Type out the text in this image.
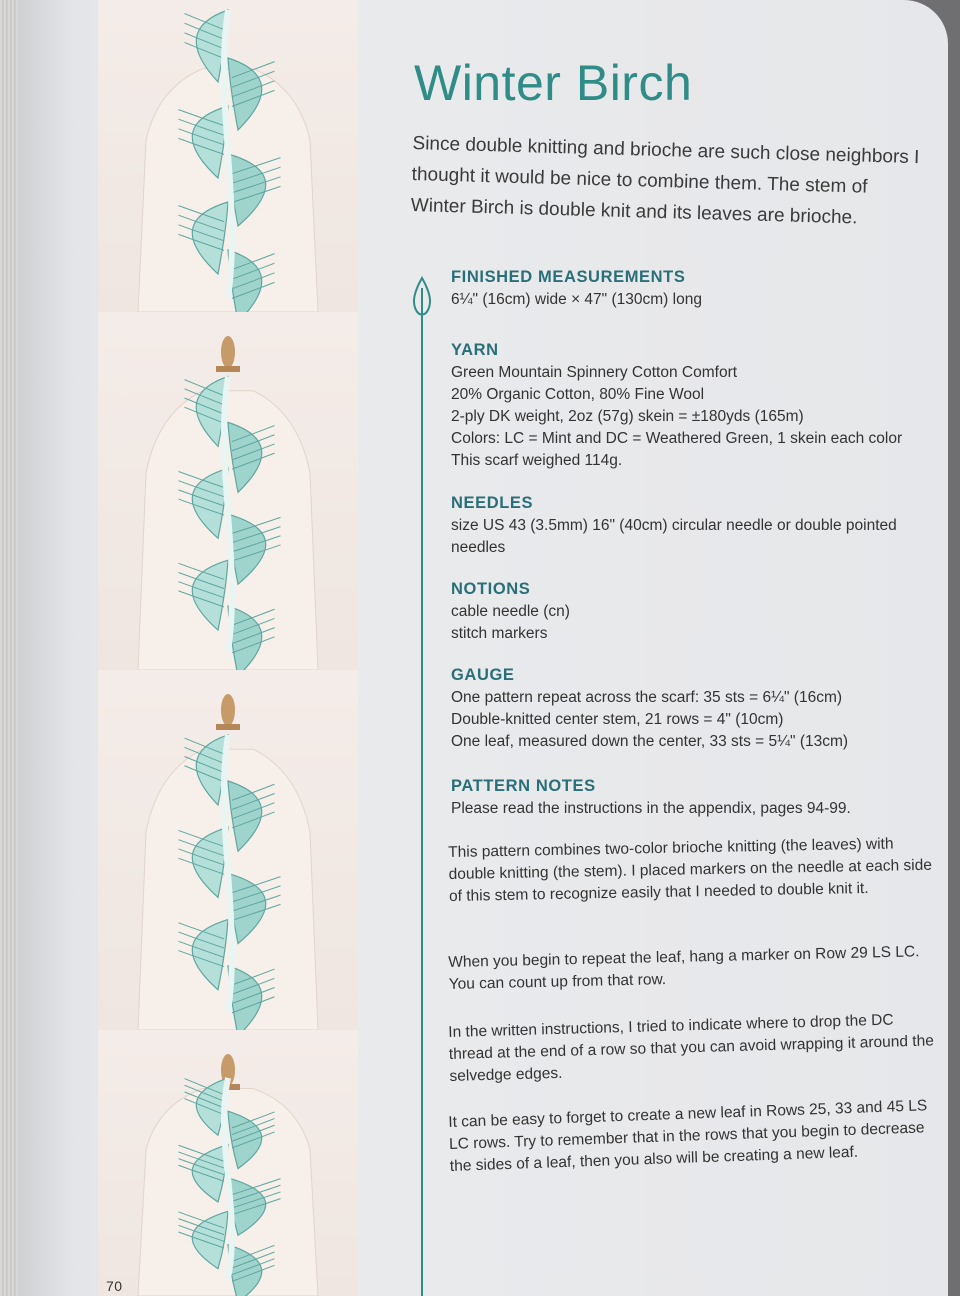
70
Winter Birch
Since double knitting and brioche are such close neighbors I thought it would be nice to combine them. The stem of Winter Birch is double knit and its leaves are brioche.
FINISHED MEASUREMENTS
6¼" (16cm) wide × 47" (130cm) long
YARN
Green Mountain Spinnery Cotton Comfort
20% Organic Cotton, 80% Fine Wool
2-ply DK weight, 2oz (57g) skein = ±180yds (165m)
Colors: LC = Mint and DC = Weathered Green, 1 skein each color
This scarf weighed 114g.
NEEDLES
size US 43 (3.5mm) 16" (40cm) circular needle or double pointed
needles
NOTIONS
cable needle (cn)
stitch markers
GAUGE
One pattern repeat across the scarf: 35 sts = 6¼" (16cm)
Double-knitted center stem, 21 rows = 4" (10cm)
One leaf, measured down the center, 33 sts = 5¼" (13cm)
PATTERN NOTES
Please read the instructions in the appendix, pages 94-99.

This pattern combines two-color brioche knitting (the leaves) with double knitting (the stem). I placed markers on the needle at each side of this stem to recognize easily that I needed to double knit it.

When you begin to repeat the leaf, hang a marker on Row 29 LS LC. You can count up from that row.

In the written instructions, I tried to indicate where to drop the DC thread at the end of a row so that you can avoid wrapping it around the selvedge edges.

It can be easy to forget to create a new leaf in Rows 25, 33 and 45 LS LC rows. Try to remember that in the rows that you begin to decrease the sides of a leaf, then you also will be creating a new leaf.
